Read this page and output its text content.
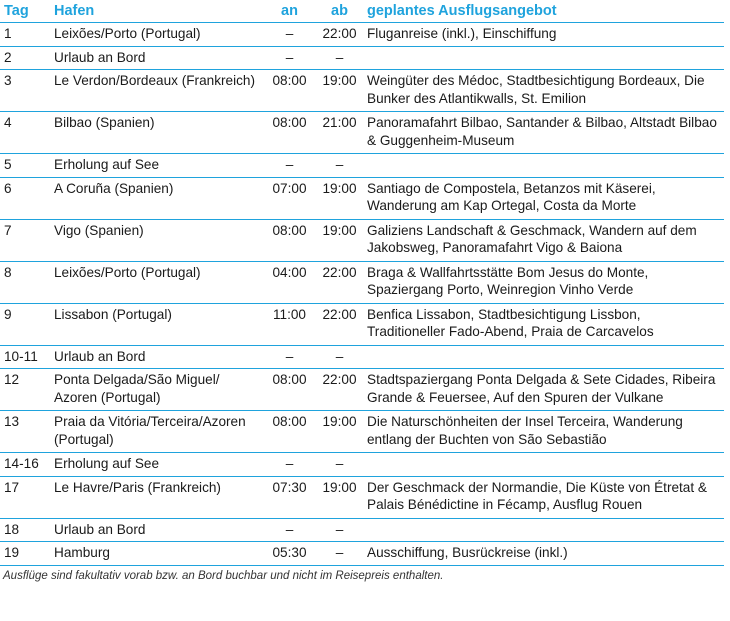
Tag	Hafen	an	ab	geplantes Ausflugsangebot
1	Leixões/Porto (Portugal)	–	22:00	Fluganreise (inkl.), Einschiffung
2	Urlaub an Bord	–	–	
3	Le Verdon/Bordeaux (Frankreich)	08:00	19:00	Weingüter des Médoc, Stadtbesichtigung Bordeaux, Die Bunker des Atlantikwalls, St. Emilion
4	Bilbao (Spanien)	08:00	21:00	Panoramafahrt Bilbao, Santander & Bilbao, Altstadt Bilbao & Guggenheim-Museum
5	Erholung auf See	–	–	
6	A Coruña (Spanien)	07:00	19:00	Santiago de Compostela, Betanzos mit Käserei, Wanderung am Kap Ortegal, Costa da Morte
7	Vigo (Spanien)	08:00	19:00	Galiziens Landschaft & Geschmack, Wandern auf dem Jakobsweg, Panoramafahrt Vigo & Baiona
8	Leixões/Porto (Portugal)	04:00	22:00	Braga & Wallfahrtsstätte Bom Jesus do Monte, Spaziergang Porto, Weinregion Vinho Verde
9	Lissabon (Portugal)	11:00	22:00	Benfica Lissabon, Stadtbesichtigung Lissbon, Traditioneller Fado-Abend, Praia de Carcavelos
10-11	Urlaub an Bord	–	–	
12	Ponta Delgada/São Miguel/ Azoren (Portugal)	08:00	22:00	Stadtspaziergang Ponta Delgada & Sete Cidades, Ribeira Grande & Feuersee, Auf den Spuren der Vulkane
13	Praia da Vitória/Terceira/Azoren (Portugal)	08:00	19:00	Die Naturschönheiten der Insel Terceira, Wanderung entlang der Buchten von São Sebastião
14-16	Erholung auf See	–	–	
17	Le Havre/Paris (Frankreich)	07:30	19:00	Der Geschmack der Normandie, Die Küste von Étretat & Palais Bénédictine in Fécamp, Ausflug Rouen
18	Urlaub an Bord	–	–	
19	Hamburg	05:30	–	Ausschiffung, Busrückreise (inkl.)
Ausflüge sind fakultativ vorab bzw. an Bord buchbar und nicht im Reisepreis enthalten.
